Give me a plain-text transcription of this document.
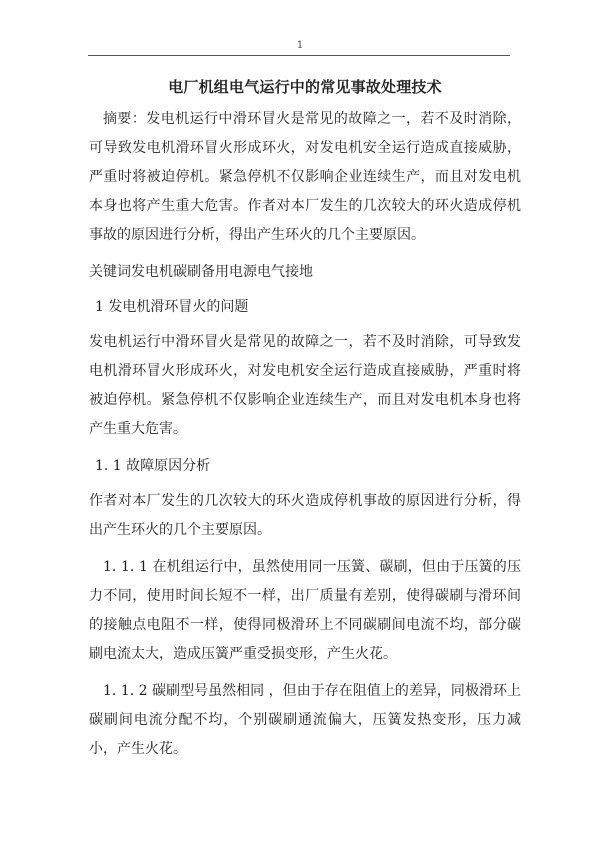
1

电厂机组电气运行中的常见事故处理技术

摘要：发电机运行中滑环冒火是常见的故障之一，若不及时消除，可导致发电机滑环冒火形成环火，对发电机安全运行造成直接威胁，严重时将被迫停机。紧急停机不仅影响企业连续生产，而且对发电机本身也将产生重大危害。作者对本厂发生的几次较大的环火造成停机事故的原因进行分析，得出产生环火的几个主要原因。

关键词发电机碳刷备用电源电气接地

1 发电机滑环冒火的问题

发电机运行中滑环冒火是常见的故障之一，若不及时消除，可导致发电机滑环冒火形成环火，对发电机安全运行造成直接威胁，严重时将被迫停机。紧急停机不仅影响企业连续生产，而且对发电机本身也将产生重大危害。

1. 1 故障原因分析

作者对本厂发生的几次较大的环火造成停机事故的原因进行分析，得出产生环火的几个主要原因。

1. 1. 1 在机组运行中，虽然使用同一压簧、碳刷，但由于压簧的压力不同，使用时间长短不一样，出厂质量有差别，使得碳刷与滑环间的接触点电阻不一样，使得同极滑环上不同碳刷间电流不均，部分碳刷电流太大，造成压簧严重受损变形，产生火花。

1. 1. 2 碳刷型号虽然相同 ，但由于存在阻值上的差异，同极滑环上碳刷间电流分配不均，个别碳刷通流偏大，压簧发热变形，压力减小，产生火花。
